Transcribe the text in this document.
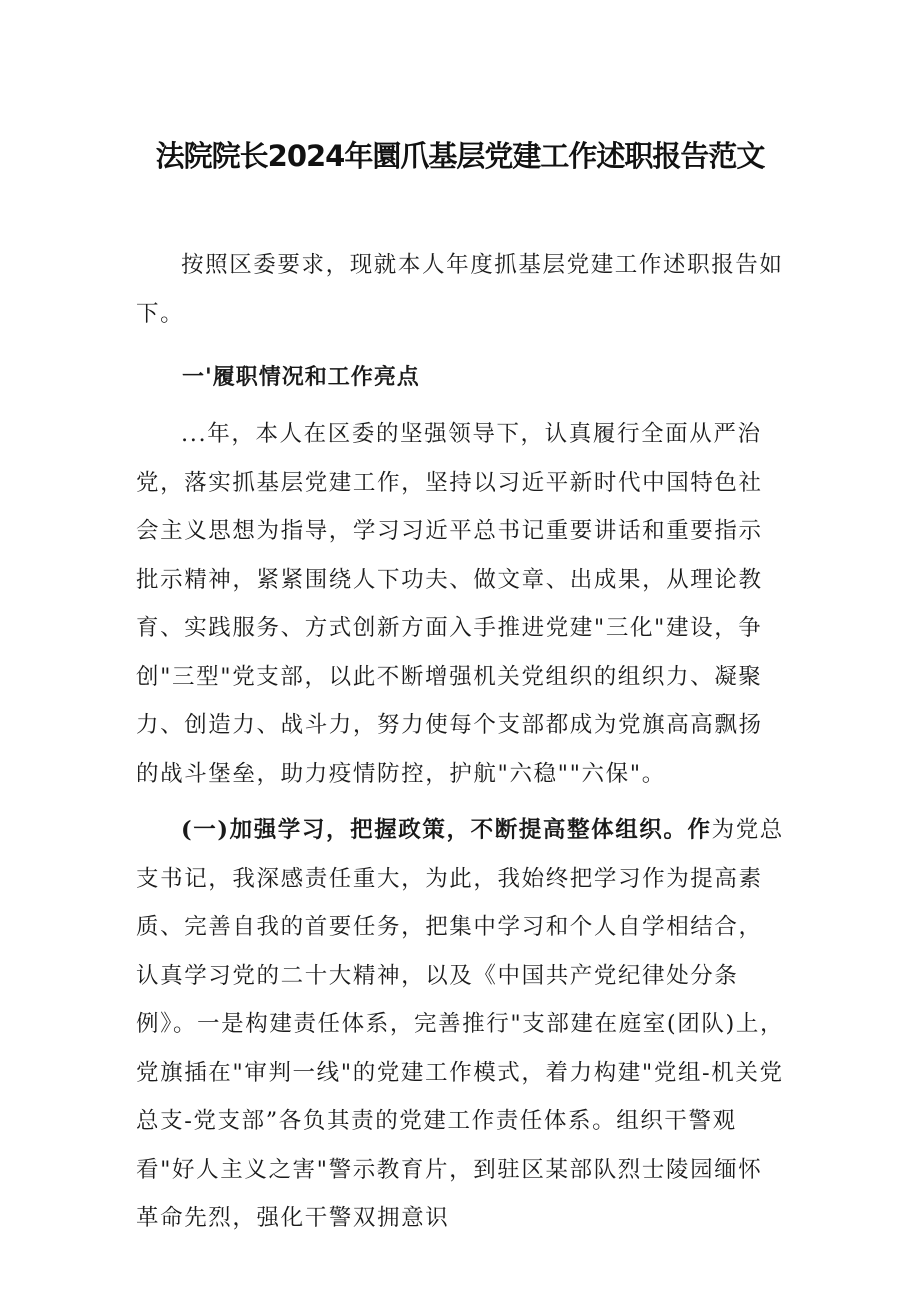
法院院长2024年圜爪基层党建工作述职报告范文

按照区委要求，现就本人年度抓基层党建工作述职报告如下。

一'履职情况和工作亮点

...年，本人在区委的坚强领导下，认真履行全面从严治党，落实抓基层党建工作，坚持以习近平新时代中国特色社会主义思想为指导，学习习近平总书记重要讲话和重要指示批示精神，紧紧围绕人下功夫、做文章、出成果，从理论教育、实践服务、方式创新方面入手推进党建"三化"建设，争创"三型"党支部，以此不断增强机关党组织的组织力、凝聚力、创造力、战斗力，努力使每个支部都成为党旗高高飘扬的战斗堡垒，助力疫情防控，护航"六稳""六保"。

(一)加强学习，把握政策，不断提高整体组织。作为党总支书记，我深感责任重大，为此，我始终把学习作为提高素质、完善自我的首要任务，把集中学习和个人自学相结合，认真学习党的二十大精神，以及《中国共产党纪律处分条例》。一是构建责任体系，完善推行"支部建在庭室(团队)上，党旗插在"审判一线"的党建工作模式，着力构建"党组-机关党总支-党支部”各负其责的党建工作责任体系。组织干警观看"好人主义之害"警示教育片，到驻区某部队烈士陵园缅怀革命先烈，强化干警双拥意识
